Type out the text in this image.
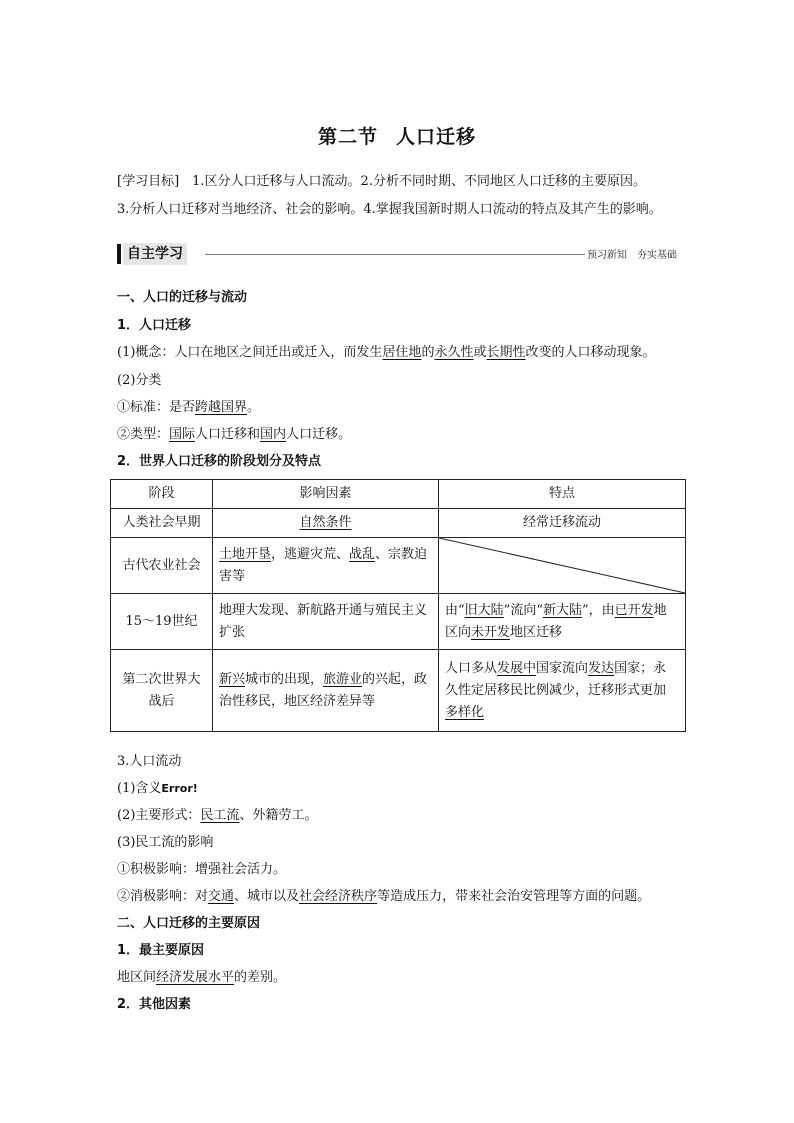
第二节 人口迁移
[学习目标]　1.区分人口迁移与人口流动。2.分析不同时期、不同地区人口迁移的主要原因。
3.分析人口迁移对当地经济、社会的影响。4.掌握我国新时期人口流动的特点及其产生的影响。
自主学习	预习新知　夯实基础
一、人口的迁移与流动
1．人口迁移
(1)概念：人口在地区之间迁出或迁入，而发生居住地的永久性或长期性改变的人口移动现象。
(2)分类
①标准：是否跨越国界。
②类型：国际人口迁移和国内人口迁移。
2．世界人口迁移的阶段划分及特点
阶段	影响因素	特点
人类社会早期	自然条件	经常迁移流动
古代农业社会	土地开垦，逃避灾荒、战乱、宗教迫害等	

15～19世纪	地理大发现、新航路开通与殖民主义扩张	由“旧大陆”流向“新大陆”，由已开发地区向未开发地区迁移
第二次世界大战后	新兴城市的出现，旅游业的兴起，政治性移民，地区经济差异等	人口多从发展中国家流向发达国家；永久性定居移民比例减少，迁移形式更加多样化
3.人口流动
(1)含义Error!
(2)主要形式：民工流、外籍劳工。
(3)民工流的影响
①积极影响：增强社会活力。
②消极影响：对交通、城市以及社会经济秩序等造成压力，带来社会治安管理等方面的问题。
二、人口迁移的主要原因
1．最主要原因
地区间经济发展水平的差别。
2．其他因素
